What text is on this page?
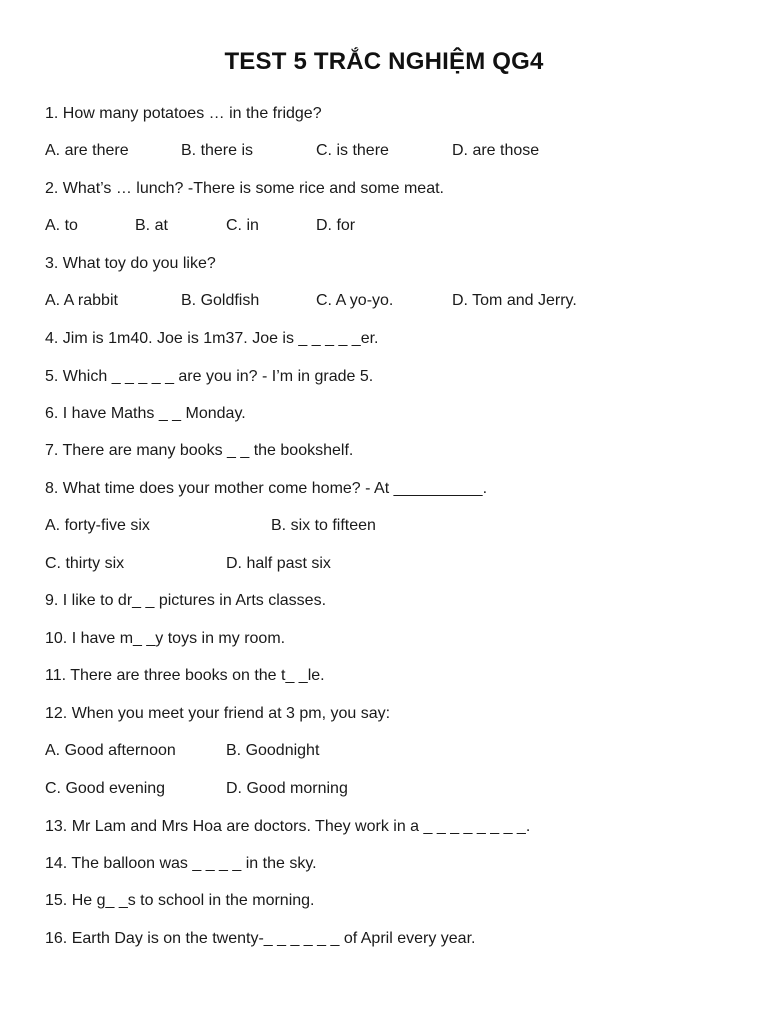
TEST 5 TRẮC NGHIỆM QG4
1. How many potatoes … in the fridge?
A. are there	B. there is	C. is there	D. are those
2. What’s … lunch? -There is some rice and some meat.
A. to	B. at	C. in	D. for
3. What toy do you like?
A. A rabbit	B. Goldfish	C. A yo-yo.	D. Tom and Jerry.
4. Jim is 1m40. Joe is 1m37. Joe is _ _ _ _ _er.
5. Which _ _ _ _ _ are you in? - I’m in grade 5.
6. I have Maths _ _ Monday.
7. There are many books _ _ the bookshelf.
8. What time does your mother come home? - At __________.
A. forty-five six	B. six to fifteen
C. thirty six	D. half past six
9. I like to dr_ _ pictures in Arts classes.
10. I have m_ _y toys in my room.
11. There are three books on the t_ _le.
12. When you meet your friend at 3 pm, you say:
A. Good afternoon	B. Goodnight
C. Good evening	D. Good morning
13. Mr Lam and Mrs Hoa are doctors. They work in a _ _ _ _ _ _ _ _.
14. The balloon was _ _ _ _ in the sky.
15. He g_ _s to school in the morning.
16. Earth Day is on the twenty-_ _ _ _ _ _ of April every year.
